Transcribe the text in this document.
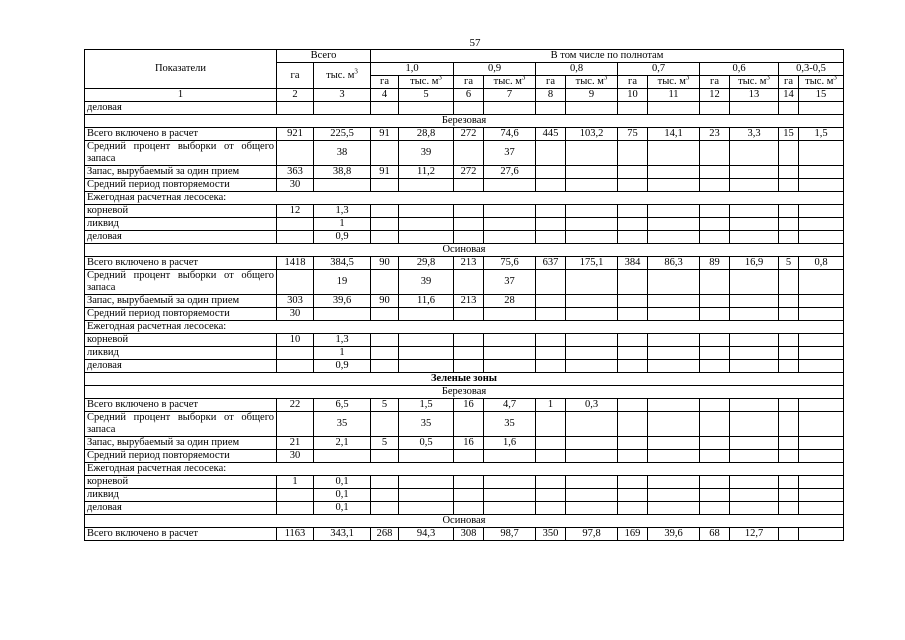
57
Показатели	Всего		В том числе по полнотам											
	га	тыс. $м^3$	1,0		0,9		0,8		0,7		0,6		0,3-0,5	
			га	тыс. $м^3$	га	тыс. $м^3$	га	тыс. $м^3$	га	тыс. $м^3$	га	тыс. $м^3$	га	тыс. $м^3$
1	2	3	4	5	6	7	8	9	10	11	12	13	14	15
деловая														
Березовая														
Всего включено в расчет	921	225,5	91	28,8	272	74,6	445	103,2	75	14,1	23	3,3	15	1,5
Средний процент выборки от общего запаса		38		39		37								
Запас, вырубаемый за один прием	363	38,8	91	11,2	272	27,6								
Средний период повторяемости	30													
Ежегодная расчетная лесосека:														
корневой	12	1,3												
ликвид		1												
деловая		0,9												
Осиновая														
Всего включено в расчет	1418	384,5	90	29,8	213	75,6	637	175,1	384	86,3	89	16,9	5	0,8
Средний процент выборки от общего запаса		19		39		37								
Запас, вырубаемый за один прием	303	39,6	90	11,6	213	28								
Средний период повторяемости	30													
Ежегодная расчетная лесосека:														
корневой	10	1,3												
ликвид		1												
деловая		0,9												
Зеленые зоны														
Березовая														
Всего включено в расчет	22	6,5	5	1,5	16	4,7	1	0,3						
Средний процент выборки от общего запаса		35		35		35								
Запас, вырубаемый за один прием	21	2,1	5	0,5	16	1,6								
Средний период повторяемости	30													
Ежегодная расчетная лесосека:														
корневой	1	0,1												
ликвид		0,1												
деловая		0,1												
Осиновая														
Всего включено в расчет	1163	343,1	268	94,3	308	98,7	350	97,8	169	39,6	68	12,7		
